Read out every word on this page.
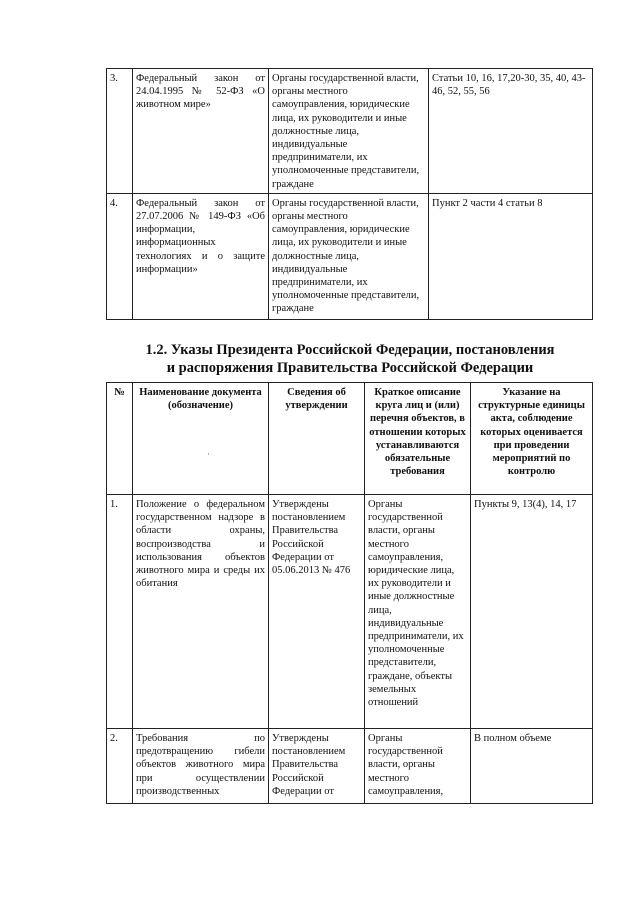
3.	Федеральный закон от 24.04.1995 № 52-ФЗ «О животном мире»	Органы государственной власти, органы местного самоуправления, юридические лица, их руководители и иные должностные лица, индивидуальные предприниматели, их уполномоченные представители, граждане	Статьи 10, 16, 17,20-30, 35, 40, 43-46, 52, 55, 56
4.	Федеральный закон от 27.07.2006 № 149-ФЗ «Об информации, информационных технологиях и о защите информации»	Органы государственной власти, органы местного самоуправления, юридические лица, их руководители и иные должностные лица, индивидуальные предприниматели, их уполномоченные представители, граждане	Пункт 2 части 4 статьи 8
1.2. Указы Президента Российской Федерации, постановления
и распоряжения Правительства Российской Федерации
№	Наименование документа (обозначение)	Сведения об утверждении	Краткое описание круга лиц и (или) перечня объектов, в отношении которых устанавливаются обязательные требования	Указание на структурные единицы акта, соблюдение которых оценивается при проведении мероприятий по контролю
1.	Положение о федеральном государственном надзоре в области охраны, воспроизводства и использования объектов животного мира и среды их обитания	Утверждены постановлением Правительства Российской Федерации от 05.06.2013 № 476	Органы государственной власти, органы местного самоуправления, юридические лица, их руководители и иные должностные лица, индивидуальные предприниматели, их уполномоченные представители, граждане, объекты земельных отношений	Пункты 9, 13(4), 14, 17
2.	Требования по предотвращению гибели объектов животного мира при осуществлении производственных	Утверждены постановлением Правительства Российской Федерации от	Органы государственной власти, органы местного самоуправления,	В полном объеме
·
